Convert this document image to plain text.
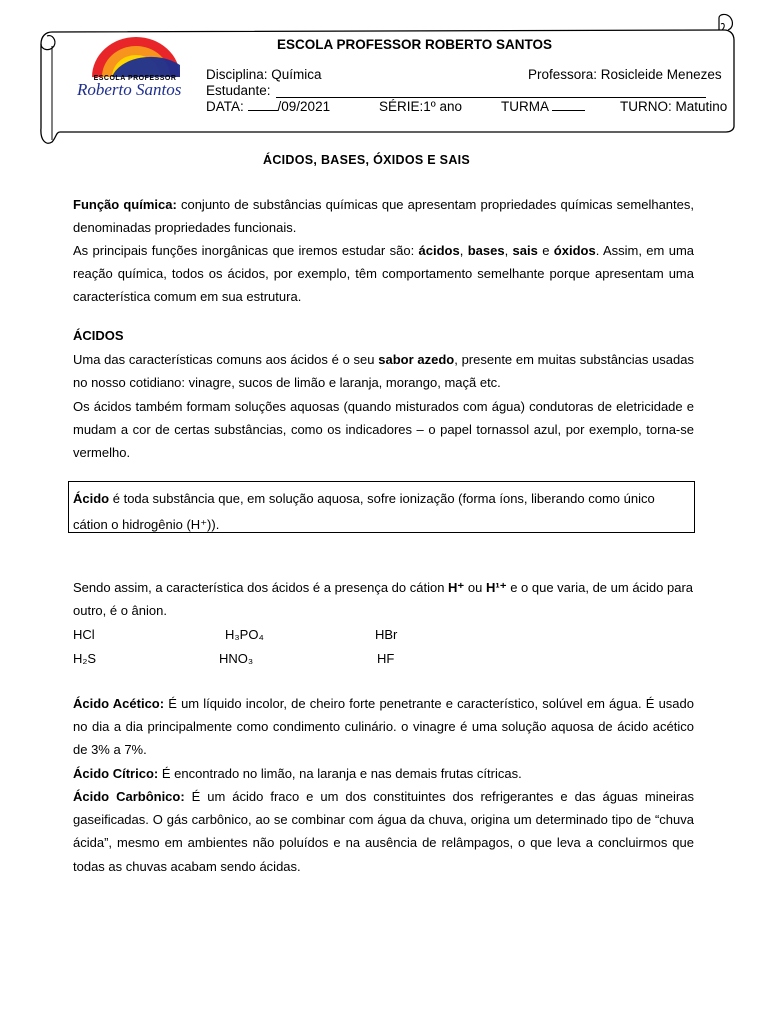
ESCOLA PROFESSOR
Roberto Santos
ESCOLA PROFESSOR ROBERTO SANTOS
Disciplina: Química	Professora: Rosicleide Menezes
Estudante:
DATA:	/09/2021	SÉRIE:1º ano	TURMA	TURNO: Matutino
ÁCIDOS, BASES, ÓXIDOS E SAIS
Função química: conjunto de substâncias químicas que apresentam propriedades químicas semelhantes, denominadas propriedades funcionais.
As principais funções inorgânicas que iremos estudar são: ácidos, bases, sais e óxidos. Assim, em uma reação química, todos os ácidos, por exemplo, têm comportamento semelhante porque apresentam uma característica comum em sua estrutura.
ÁCIDOS
Uma das características comuns aos ácidos é o seu sabor azedo, presente em muitas substâncias usadas no nosso cotidiano: vinagre, sucos de limão e laranja, morango, maçã etc.
Os ácidos também formam soluções aquosas (quando misturados com água) condutoras de eletricidade e mudam a cor de certas substâncias, como os indicadores – o papel tornassol azul, por exemplo, torna-se vermelho.
Ácido é toda substância que, em solução aquosa, sofre ionização (forma íons, liberando como único cátion o hidrogênio (H⁺)).
Sendo assim, a característica dos ácidos é a presença do cátion H⁺ ou H¹⁺ e o que varia, de um ácido para outro, é o ânion.
HCl	H₃PO₄	HBr
H₂S	HNO₃	HF
Ácido Acético: É um líquido incolor, de cheiro forte penetrante e característico, solúvel em água. É usado no dia a dia principalmente como condimento culinário. o vinagre é uma solução aquosa de ácido acético de 3% a 7%.
Ácido Cítrico: É encontrado no limão, na laranja e nas demais frutas cítricas.
Ácido Carbônico: É um ácido fraco e um dos constituintes dos refrigerantes e das águas mineiras gaseificadas. O gás carbônico, ao se combinar com água da chuva, origina um determinado tipo de “chuva ácida”, mesmo em ambientes não poluídos e na ausência de relâmpagos, o que leva a concluirmos que todas as chuvas acabam sendo ácidas.
